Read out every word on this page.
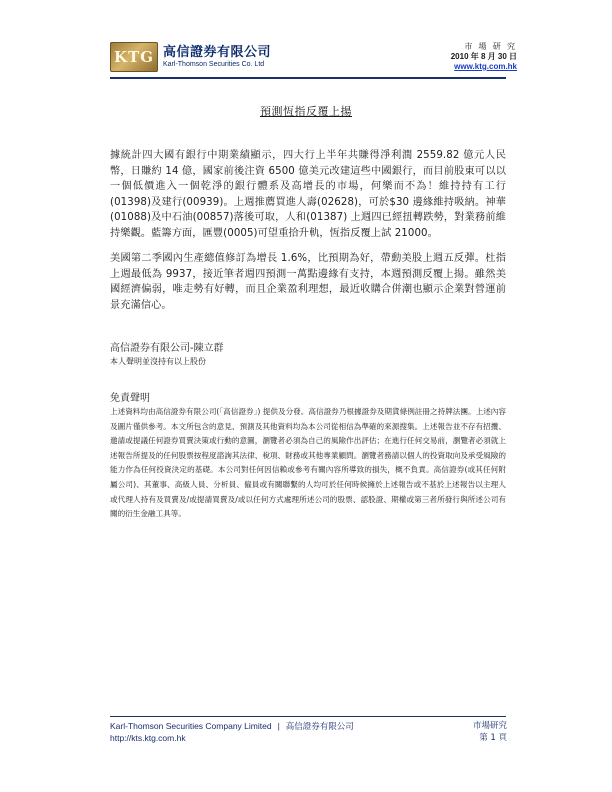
KTG 高信證券有限公司
Karl-Thomson Securities Co. Ltd
市 場 研 究
2010 年 8 月 30 日
www.ktg.com.hk
預測恆指反覆上揚
據統計四大國有銀行中期業績顯示，四大行上半年共賺得淨利潤 2559.82 億元人民幣，日賺約 14 億，國家前後注資 6500 億美元改建這些中國銀行，而目前股東可以以一個低價進入一個乾淨的銀行體系及高增長的市場，何樂而不為！維持持有工行(01398)及建行(00939)。上週推薦買進人壽(02628)，可於$30 邊緣維持吸納。神華(01088)及中石油(00857)落後可取，人和(01387) 上週四已經扭轉跌勢，對業務前維持樂觀。藍籌方面，匯豐(0005)可望重拾升軌，恆指反覆上試 21000。
美國第二季國內生產總值修訂為增長 1.6%，比預期為好，帶動美股上週五反彈。杜指上週最低為 9937，接近筆者週四預測一萬點邊緣有支持，本週預測反覆上揚。雖然美國經濟偏弱，唯走勢有好轉，而且企業盈利理想，最近收購合併潮也顯示企業對營運前景充滿信心。
高信證券有限公司-陳立群
本人聲明並沒持有以上股份
免責聲明
上述資料均由高信證券有限公司(「高信證券」) 提供及分發。高信證券乃根據證券及期貨條例註冊之持牌法團。上述內容及圖片僅供參考。本文所包含的意見、預測及其他資料均為本公司從相信為準確的來源搜集。上述報告並不存有招攬、邀請或提議任何證券買賣決策或行動的意圖，瀏覽者必須為自己的風險作出評估；在進行任何交易前，瀏覽者必須就上述報告所提及的任何股票按程度諮詢其法律、稅項、財務或其他專業顧問。瀏覽者務請以個人的投資取向及承受風險的能力作為任何投資決定的基礎。本公司對任何因信賴或參考有關內容所導致的損失，概不負責。高信證券(或其任何附屬公司)、其董事、高級人員、分析員、僱員或有關聯繫的人均可於任何時候擁於上述報告或不基於上述報告以主理人或代理人持有及買賣及/或提請買賣及/或以任何方式處理所述公司的股票、認股證、期權或第三者所發行與所述公司有關的衍生金融工具等。
Karl-Thomson Securities Company Limited | 高信證券有限公司
http://kts.ktg.com.hk
市場研究
第 1 頁
